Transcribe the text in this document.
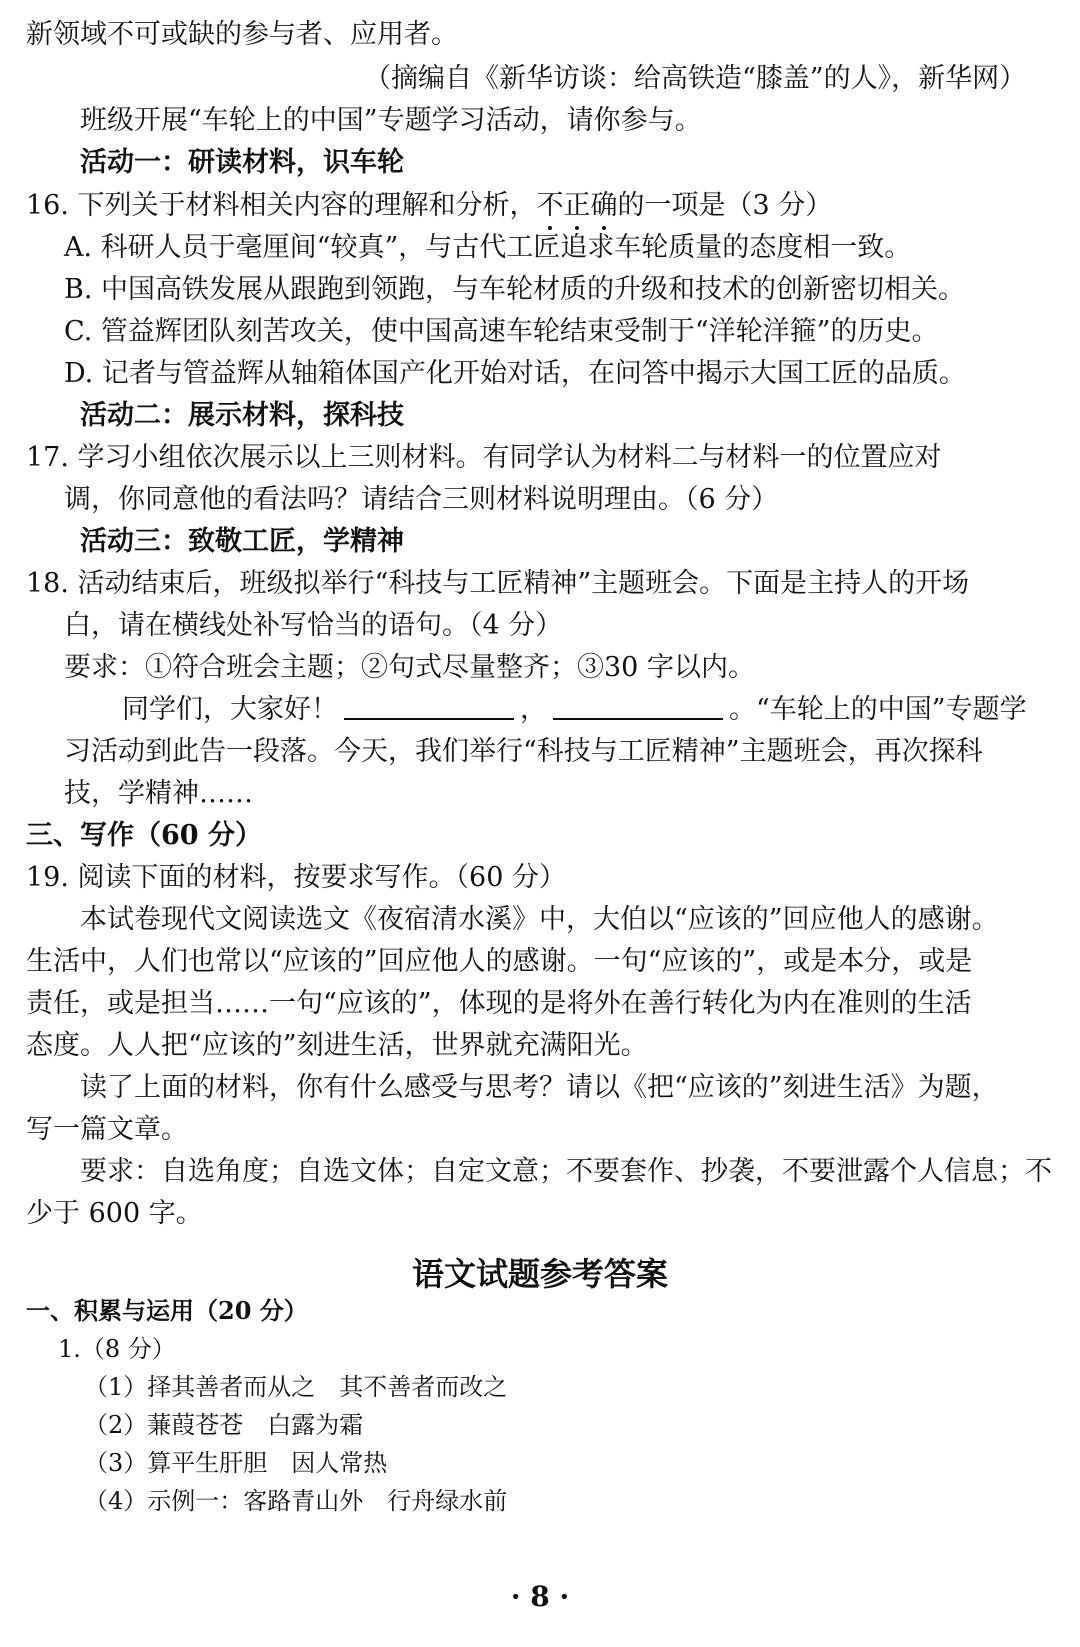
新领域不可或缺的参与者、应用者。
（摘编自《新华访谈：给高铁造“膝盖”的人》，新华网）
班级开展“车轮上的中国”专题学习活动，请你参与。
活动一：研读材料，识车轮
16. 下列关于材料相关内容的理解和分析，不正确的一项是（3 分）
A. 科研人员于毫厘间“较真”，与古代工匠追求车轮质量的态度相一致。
B. 中国高铁发展从跟跑到领跑，与车轮材质的升级和技术的创新密切相关。
C. 管益辉团队刻苦攻关，使中国高速车轮结束受制于“洋轮洋箍”的历史。
D. 记者与管益辉从轴箱体国产化开始对话，在问答中揭示大国工匠的品质。
活动二：展示材料，探科技
17. 学习小组依次展示以上三则材料。有同学认为材料二与材料一的位置应对
调，你同意他的看法吗？请结合三则材料说明理由。（6 分）
活动三：致敬工匠，学精神
18. 活动结束后，班级拟举行“科技与工匠精神”主题班会。下面是主持人的开场
白，请在横线处补写恰当的语句。（4 分）
要求：①符合班会主题；②句式尽量整齐；③30 字以内。
同学们，大家好！	，	。“车轮上的中国”专题学
习活动到此告一段落。今天，我们举行“科技与工匠精神”主题班会，再次探科
技，学精神……
三、写作（60 分）
19. 阅读下面的材料，按要求写作。（60 分）
本试卷现代文阅读选文《夜宿清水溪》中，大伯以“应该的”回应他人的感谢。
生活中，人们也常以“应该的”回应他人的感谢。一句“应该的”，或是本分，或是
责任，或是担当……一句“应该的”，体现的是将外在善行转化为内在准则的生活
态度。人人把“应该的”刻进生活，世界就充满阳光。
读了上面的材料，你有什么感受与思考？请以《把“应该的”刻进生活》为题，
写一篇文章。
要求：自选角度；自选文体；自定文意；不要套作、抄袭，不要泄露个人信息；不
少于 600 字。
语文试题参考答案
一、积累与运用（20 分）
1.（8 分）
（1）择其善者而从之　其不善者而改之
（2）蒹葭苍苍　白露为霜
（3）算平生肝胆　因人常热
（4）示例一：客路青山外　行舟绿水前
· 8 ·
